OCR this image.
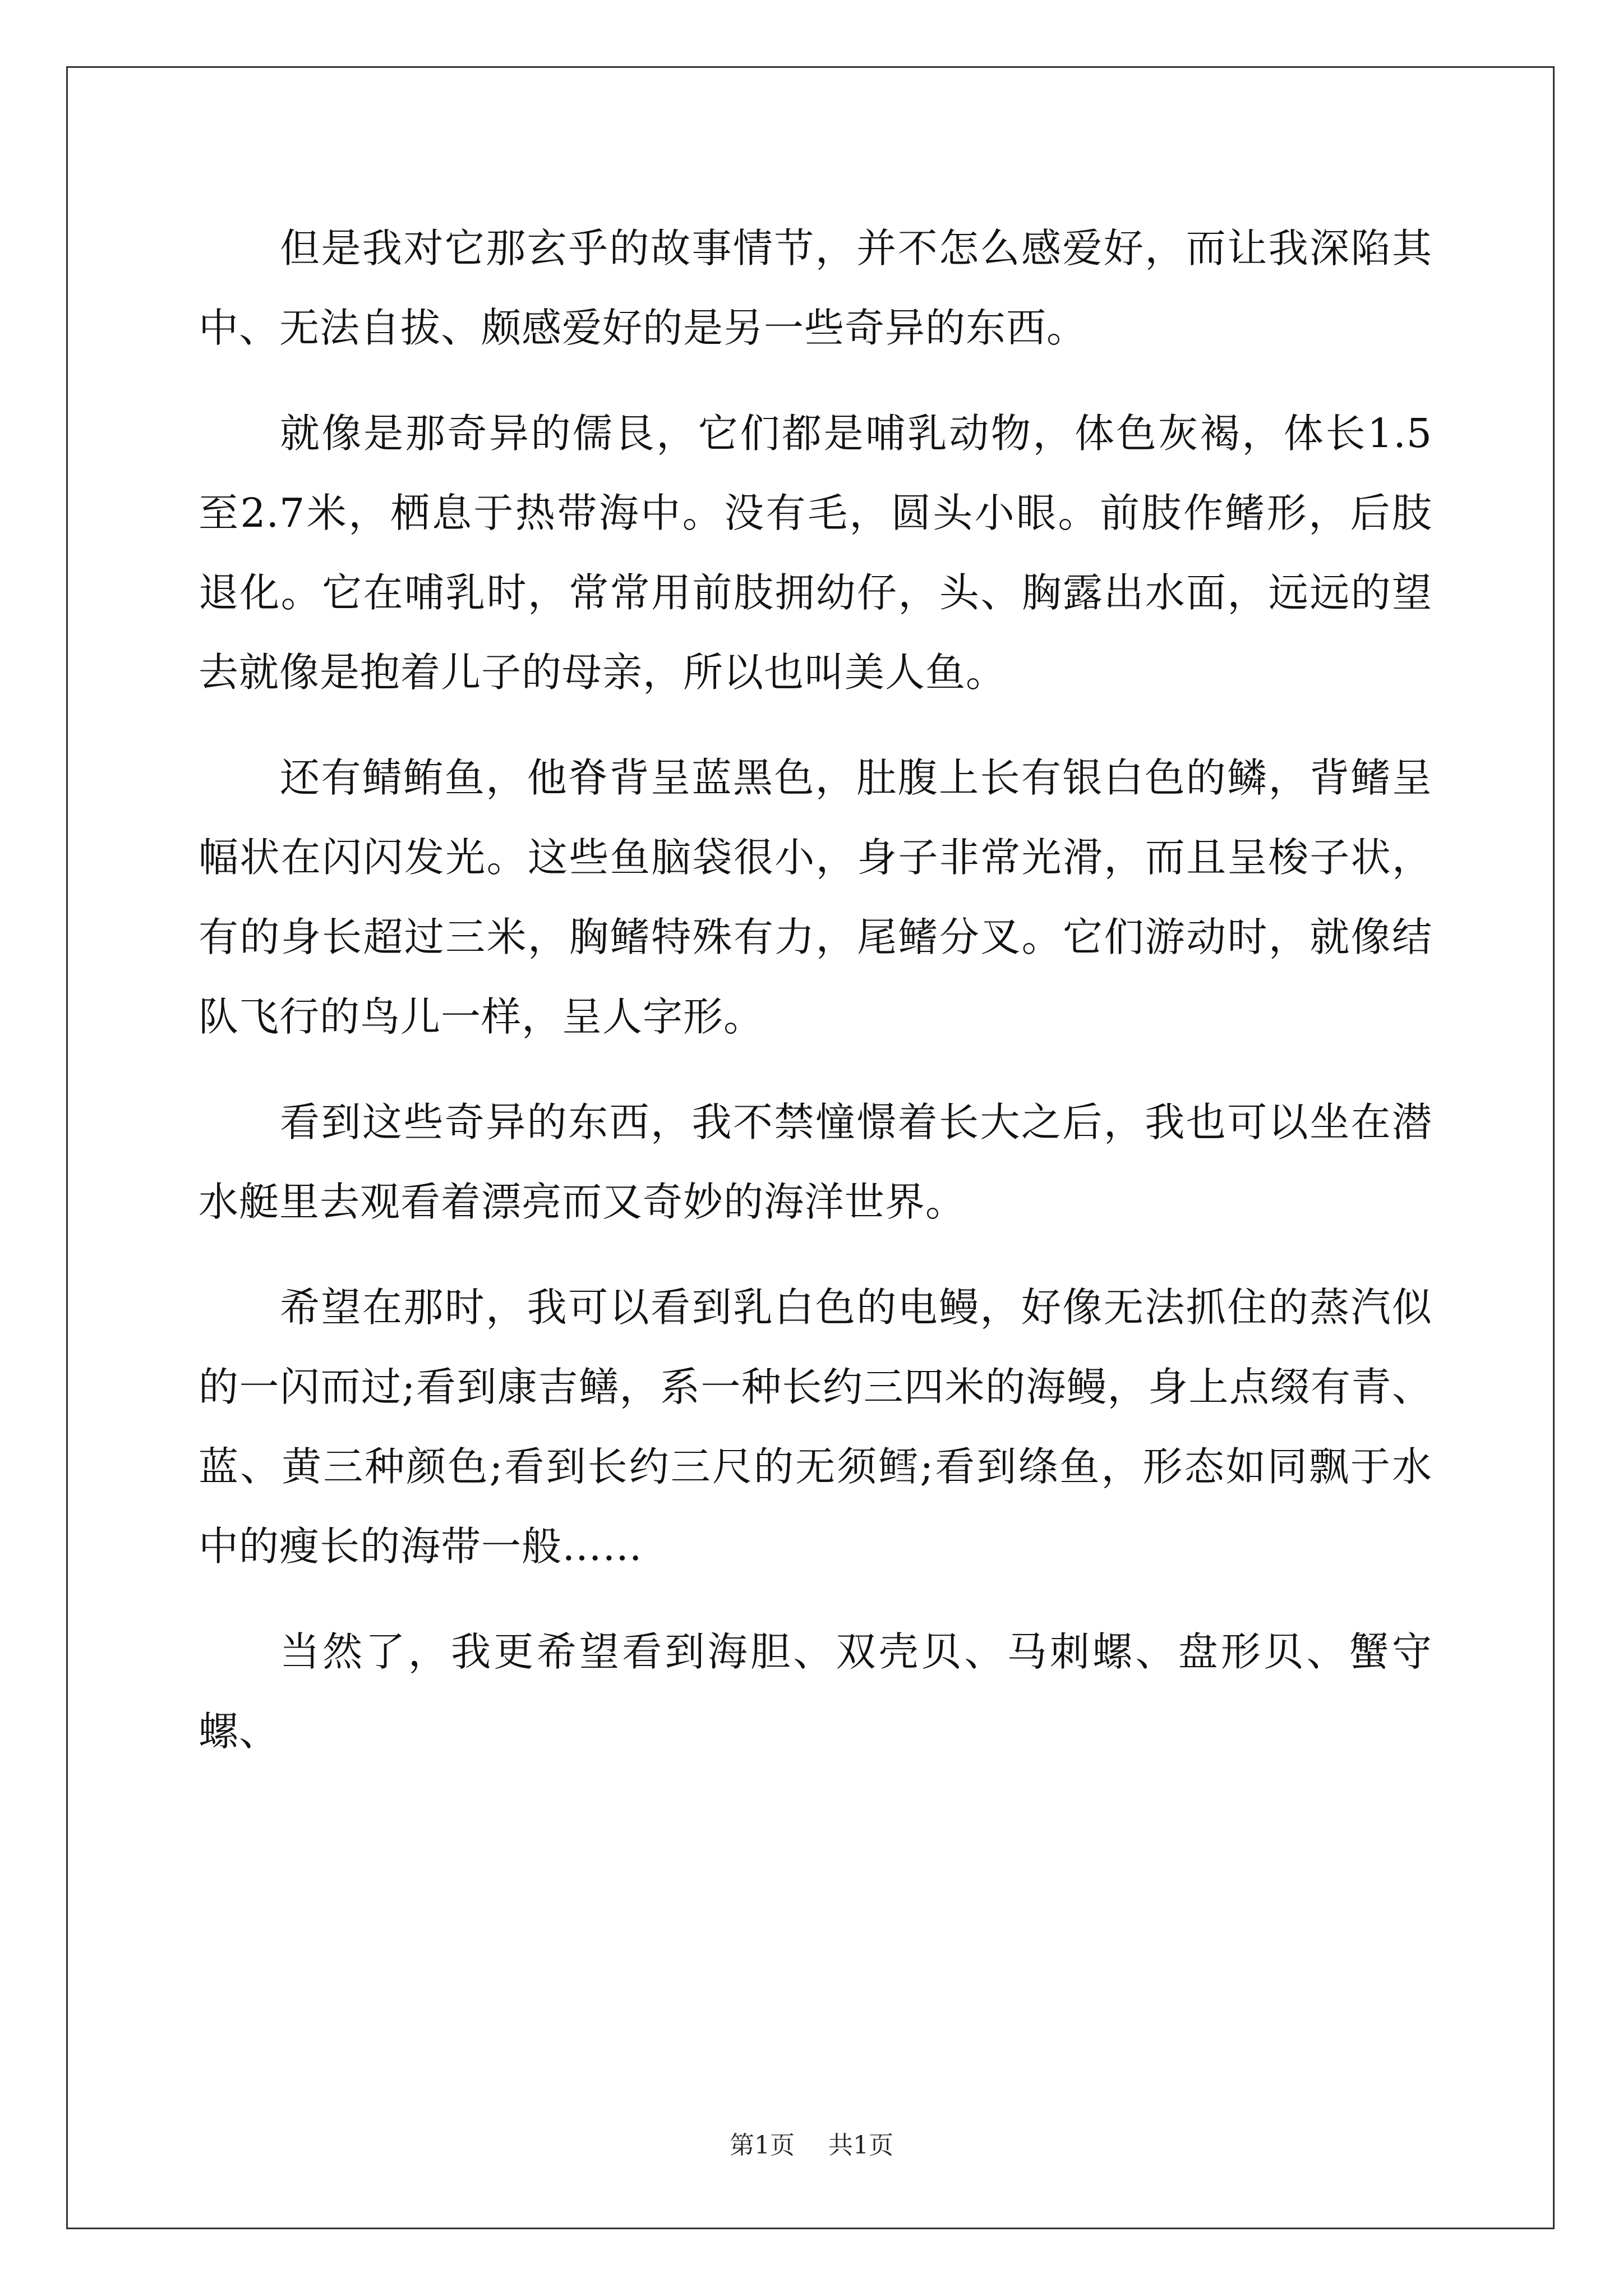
但是我对它那玄乎的故事情节，并不怎么感爱好，而让我深陷其中、无法自拔、颇感爱好的是另一些奇异的东西。

就像是那奇异的儒艮，它们都是哺乳动物，体色灰褐，体长1.5至2.7米，栖息于热带海中。没有毛，圆头小眼。前肢作鳍形，后肢退化。它在哺乳时，常常用前肢拥幼仔，头、胸露出水面，远远的望去就像是抱着儿子的母亲，所以也叫美人鱼。

还有鲭鲔鱼，他脊背呈蓝黑色，肚腹上长有银白色的鳞，背鳍呈幅状在闪闪发光。这些鱼脑袋很小，身子非常光滑，而且呈梭子状，有的身长超过三米，胸鳍特殊有力，尾鳍分叉。它们游动时，就像结队飞行的鸟儿一样，呈人字形。

看到这些奇异的东西，我不禁憧憬着长大之后，我也可以坐在潜水艇里去观看着漂亮而又奇妙的海洋世界。

希望在那时，我可以看到乳白色的电鳗，好像无法抓住的蒸汽似的一闪而过;看到康吉鳝，系一种长约三四米的海鳗，身上点缀有青、蓝、黄三种颜色;看到长约三尺的无须鳕;看到绦鱼，形态如同飘于水中的瘦长的海带一般……

当然了，我更希望看到海胆、双壳贝、马刺螺、盘形贝、蟹守螺、

第1页 共1页
